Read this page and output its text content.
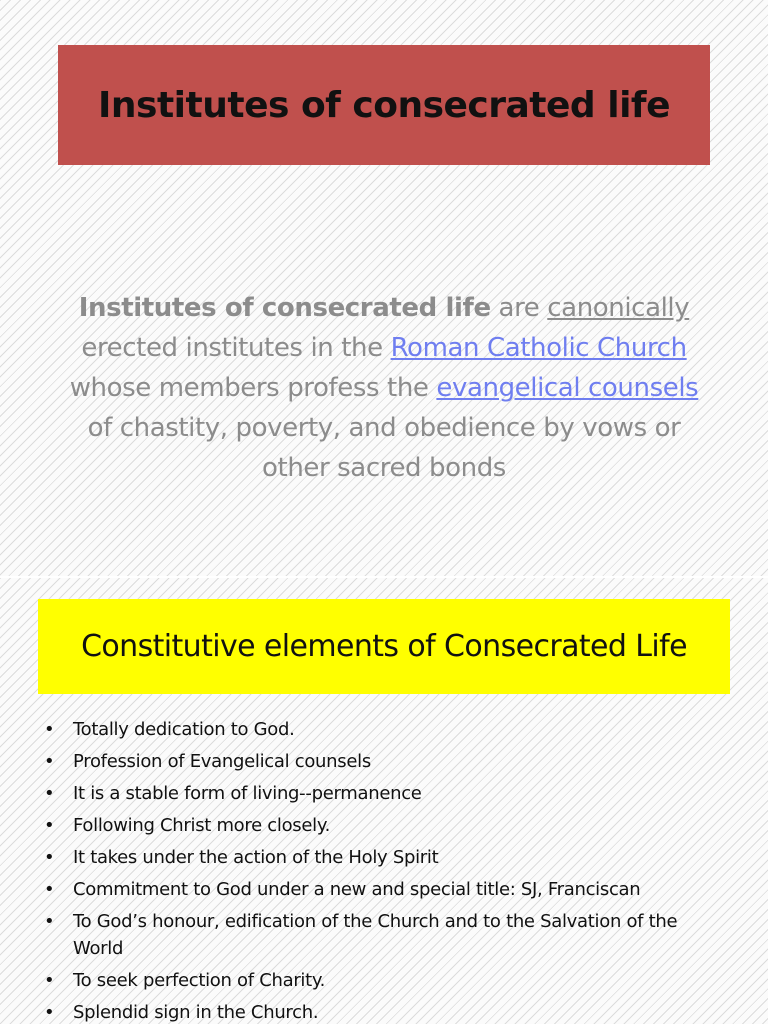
Institutes of consecrated life
Institutes of consecrated life are canonically erected institutes in the Roman Catholic Church whose members profess the evangelical counsels of chastity, poverty, and obedience by vows or other sacred bonds
Constitutive elements of Consecrated Life
• Totally dedication to God.
• Profession of Evangelical counsels
• It is a stable form of living--permanence
• Following Christ more closely.
• It takes under the action of the Holy Spirit
• Commitment to God under a new and special title: SJ, Franciscan
• To God’s honour, edification of the Church and to the Salvation of the World
• To seek perfection of Charity.
• Splendid sign in the Church.
